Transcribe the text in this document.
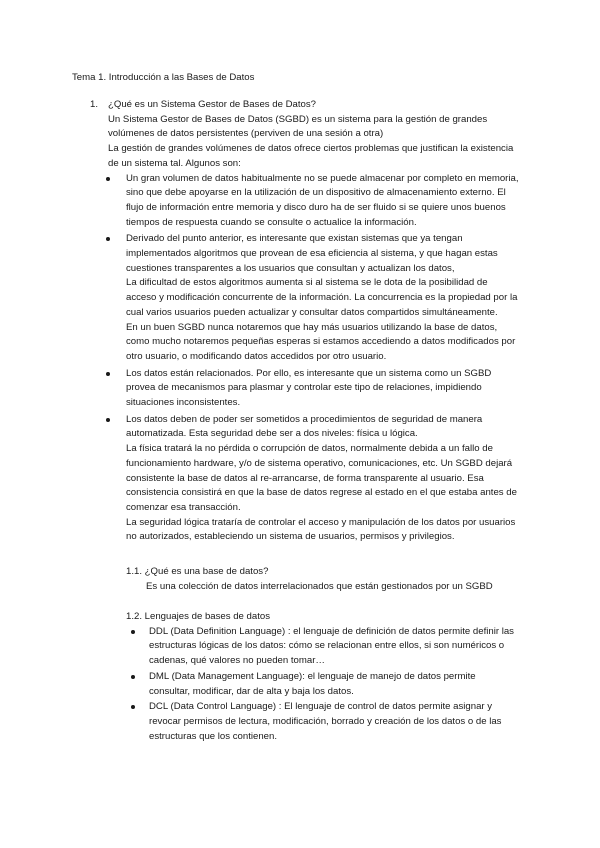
Tema 1. Introducción a las Bases de Datos
1. ¿Qué es un Sistema Gestor de Bases de Datos?

Un Sistema Gestor de Bases de Datos (SGBD) es un sistema para la gestión de grandes volúmenes de datos persistentes (perviven de una sesión a otra)

La gestión de grandes volúmenes de datos ofrece ciertos problemas que justifican la existencia de un sistema tal. Algunos son:

Un gran volumen de datos habitualmente no se puede almacenar por completo en memoria, sino que debe apoyarse en la utilización de un dispositivo de almacenamiento externo. El flujo de información entre memoria y disco duro ha de ser fluido si se quiere unos buenos tiempos de respuesta cuando se consulte o actualice la información.

Derivado del punto anterior, es interesante que existan sistemas que ya tengan implementados algoritmos que provean de esa eficiencia al sistema, y que hagan estas cuestiones transparentes a los usuarios que consultan y actualizan los datos,

La dificultad de estos algoritmos aumenta si al sistema se le dota de la posibilidad de acceso y modificación concurrente de la información. La concurrencia es la propiedad por la cual varios usuarios pueden actualizar y consultar datos compartidos simultáneamente.

En un buen SGBD nunca notaremos que hay más usuarios utilizando la base de datos, como mucho notaremos pequeñas esperas si estamos accediendo a datos modificados por otro usuario, o modificando datos accedidos por otro usuario.

Los datos están relacionados. Por ello, es interesante que un sistema como un SGBD provea de mecanismos para plasmar y controlar este tipo de relaciones, impidiendo situaciones inconsistentes.

Los datos deben de poder ser sometidos a procedimientos de seguridad de manera automatizada. Esta seguridad debe ser a dos niveles: física u lógica.

La física tratará la no pérdida o corrupción de datos, normalmente debida a un fallo de funcionamiento hardware, y/o de sistema operativo, comunicaciones, etc. Un SGBD dejará consistente la base de datos al re-arrancarse, de forma transparente al usuario. Esa consistencia consistirá en que la base de datos regrese al estado en el que estaba antes de comenzar esa transacción.

La seguridad lógica trataría de controlar el acceso y manipulación de los datos por usuarios no autorizados, estableciendo un sistema de usuarios, permisos y privilegios.

1.1. ¿Qué es una base de datos?
Es una colección de datos interrelacionados que están gestionados por un SGBD
1.2. Lenguajes de bases de datos
DDL (Data Definition Language) : el lenguaje de definición de datos permite definir las estructuras lógicas de los datos: cómo se relacionan entre ellos, si son numéricos o cadenas, qué valores no pueden tomar…
DML (Data Management Language): el lenguaje de manejo de datos permite consultar, modificar, dar de alta y baja los datos.
DCL (Data Control Language) : El lenguaje de control de datos permite asignar y revocar permisos de lectura, modificación, borrado y creación de los datos o de las estructuras que los contienen.
